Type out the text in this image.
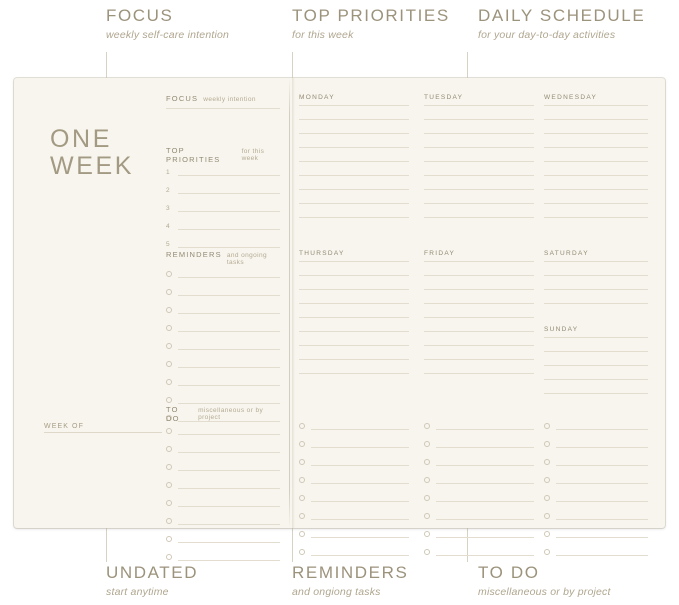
FOCUS
weekly self-care intention
TOP PRIORITIES
for this week
DAILY SCHEDULE
for your day-to-day activities
UNDATED
start anytime
REMINDERS
and ongiong tasks
TO DO
miscellaneous or by project
ONE
WEEK
WEEK OF
FOCUS weekly intention
TOP PRIORITIES
for this week
1
2
3
4
5
REMINDERS and ongoing tasks
TO DO
miscellaneous or by project
MONDAY	TUESDAY	WEDNESDAY
THURSDAY	FRIDAY	SATURDAY
SUNDAY
